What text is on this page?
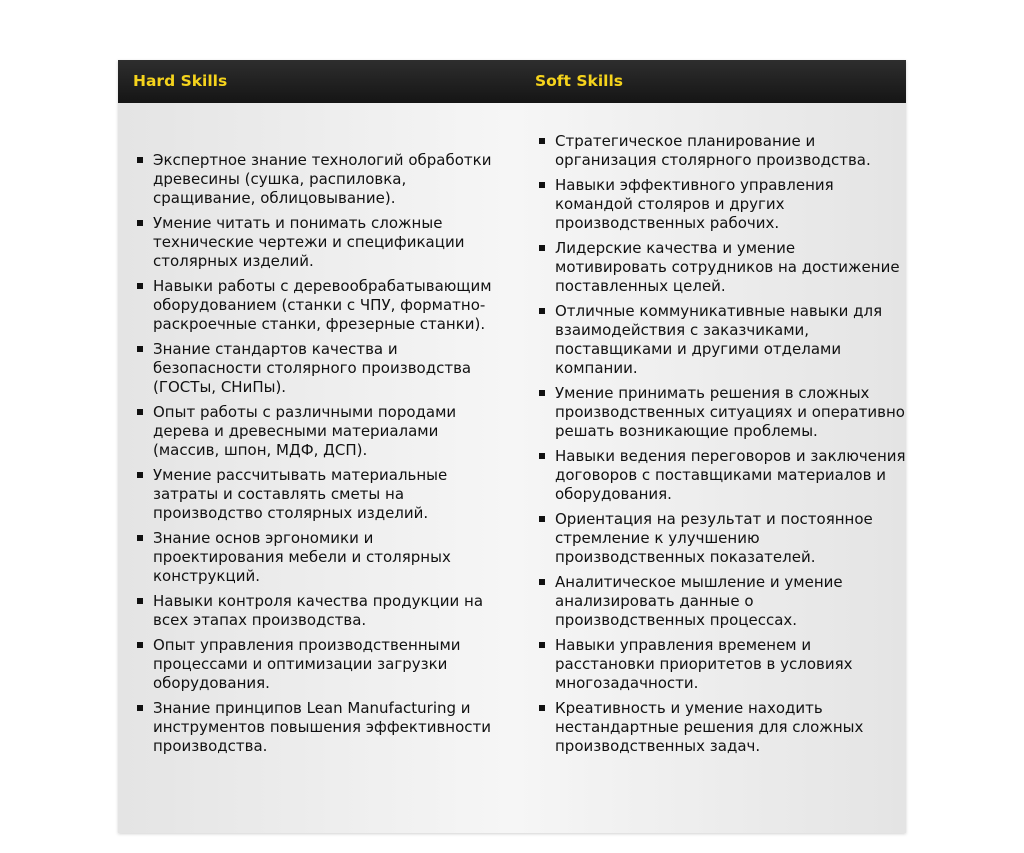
Hard Skills	Soft Skills
Экспертное знание технологий обработки древесины (сушка, распиловка, сращивание, облицовывание).
Умение читать и понимать сложные технические чертежи и спецификации столярных изделий.
Навыки работы с деревообрабатывающим оборудованием (станки с ЧПУ, форматно-раскроечные станки, фрезерные станки).
Знание стандартов качества и безопасности столярного производства (ГОСТы, СНиПы).
Опыт работы с различными породами дерева и древесными материалами (массив, шпон, МДФ, ДСП).
Умение рассчитывать материальные затраты и составлять сметы на производство столярных изделий.
Знание основ эргономики и проектирования мебели и столярных конструкций.
Навыки контроля качества продукции на всех этапах производства.
Опыт управления производственными процессами и оптимизации загрузки оборудования.
Знание принципов Lean Manufacturing и инструментов повышения эффективности производства.
Стратегическое планирование и организация столярного производства.
Навыки эффективного управления командой столяров и других производственных рабочих.
Лидерские качества и умение мотивировать сотрудников на достижение поставленных целей.
Отличные коммуникативные навыки для взаимодействия с заказчиками, поставщиками и другими отделами компании.
Умение принимать решения в сложных производственных ситуациях и оперативно решать возникающие проблемы.
Навыки ведения переговоров и заключения договоров с поставщиками материалов и оборудования.
Ориентация на результат и постоянное стремление к улучшению производственных показателей.
Аналитическое мышление и умение анализировать данные о производственных процессах.
Навыки управления временем и расстановки приоритетов в условиях многозадачности.
Креативность и умение находить нестандартные решения для сложных производственных задач.
